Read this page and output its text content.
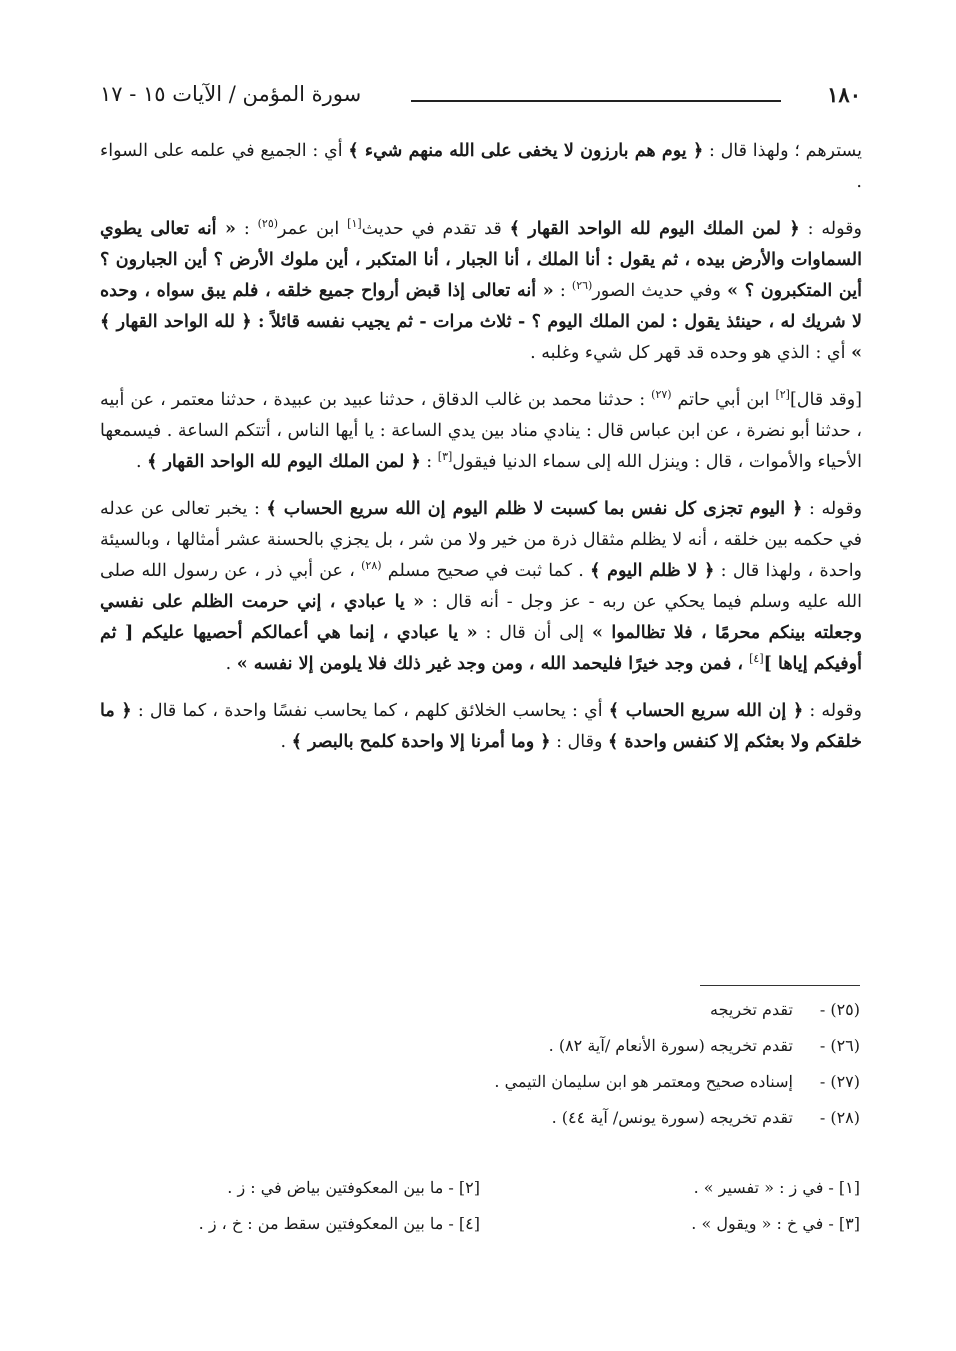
١٨٠
سورة المؤمن / الآيات ١٥ - ١٧

يسترهم ؛ ولهذا قال : ﴿ يوم هم بارزون لا يخفى على الله منهم شيء ﴾ أي : الجميع في علمه على السواء .

وقوله : ﴿ لمن الملك اليوم لله الواحد القهار ﴾ قد تقدم في حديث[١] ابن عمر$^{(٢٥)}$ : « أنه تعالى يطوي السماوات والأرض بيده ، ثم يقول : أنا الملك ، أنا الجبار ، أنا المتكبر ، أين ملوك الأرض ؟ أين الجبارون ؟ أين المتكبرون ؟ » وفي حديث الصور$^{(٢٦)}$ : « أنه تعالى إذا قبض أرواح جميع خلقه ، فلم يبق سواه ، وحده لا شريك له ، حينئذ يقول : لمن الملك اليوم ؟ - ثلاث مرات - ثم يجيب نفسه قائلاً : ﴿ لله الواحد القهار ﴾ » أي : الذي هو وحده قد قهر كل شيء وغلبه .

[وقد قال][٢] ابن أبي حاتم $^{(٢٧)}$ : حدثنا محمد بن غالب الدقاق ، حدثنا عبيد بن عبيدة ، حدثنا معتمر ، عن أبيه ، حدثنا أبو نضرة ، عن ابن عباس قال : ينادي مناد بين يدي الساعة : يا أيها الناس ، أتتكم الساعة . فيسمعها الأحياء والأموات ، قال : وينزل الله إلى سماء الدنيا فيقول[٣] : ﴿ لمن الملك اليوم لله الواحد القهار ﴾ .

وقوله : ﴿ اليوم تجزى كل نفس بما كسبت لا ظلم اليوم إن الله سريع الحساب ﴾ : يخبر تعالى عن عدله في حكمه بين خلقه ، أنه لا يظلم مثقال ذرة من خير ولا من شر ، بل يجزي بالحسنة عشر أمثالها ، وبالسيئة واحدة ، ولهذا قال : ﴿ لا ظلم اليوم ﴾ . كما ثبت في صحيح مسلم $^{(٢٨)}$ ، عن أبي ذر ، عن رسول الله صلى الله عليه وسلم فيما يحكي عن ربه - عز وجل - أنه قال : « يا عبادي ، إني حرمت الظلم على نفسي وجعلته بينكم محرمًا ، فلا تظالموا » إلى أن قال : « يا عبادي ، إنما هي أعمالكم أحصيها عليكم [ ثم أوفيكم إياها ][٤] ، فمن وجد خيرًا فليحمد الله ، ومن وجد غير ذلك فلا يلومن إلا نفسه » .

وقوله : ﴿ إن الله سريع الحساب ﴾ أي : يحاسب الخلائق كلهم ، كما يحاسب نفسًا واحدة ، كما قال : ﴿ ما خلقكم ولا بعثكم إلا كنفس واحدة ﴾ وقال : ﴿ وما أمرنا إلا واحدة كلمح بالبصر ﴾ .

(٢٥) - تقدم تخريجه
(٢٦) - تقدم تخريجه (سورة الأنعام /آية ٨٢) .
(٢٧) - إسناده صحيح ومعتمر هو ابن سليمان التيمي .
(٢٨) - تقدم تخريجه (سورة يونس/ آية ٤٤) .
[١] - في ز : « تفسير » .
[٢] - ما بين المعكوفتين بياض في : ز .
[٣] - في خ : « ويقول » .
[٤] - ما بين المعكوفتين سقط من : خ ، ز .
